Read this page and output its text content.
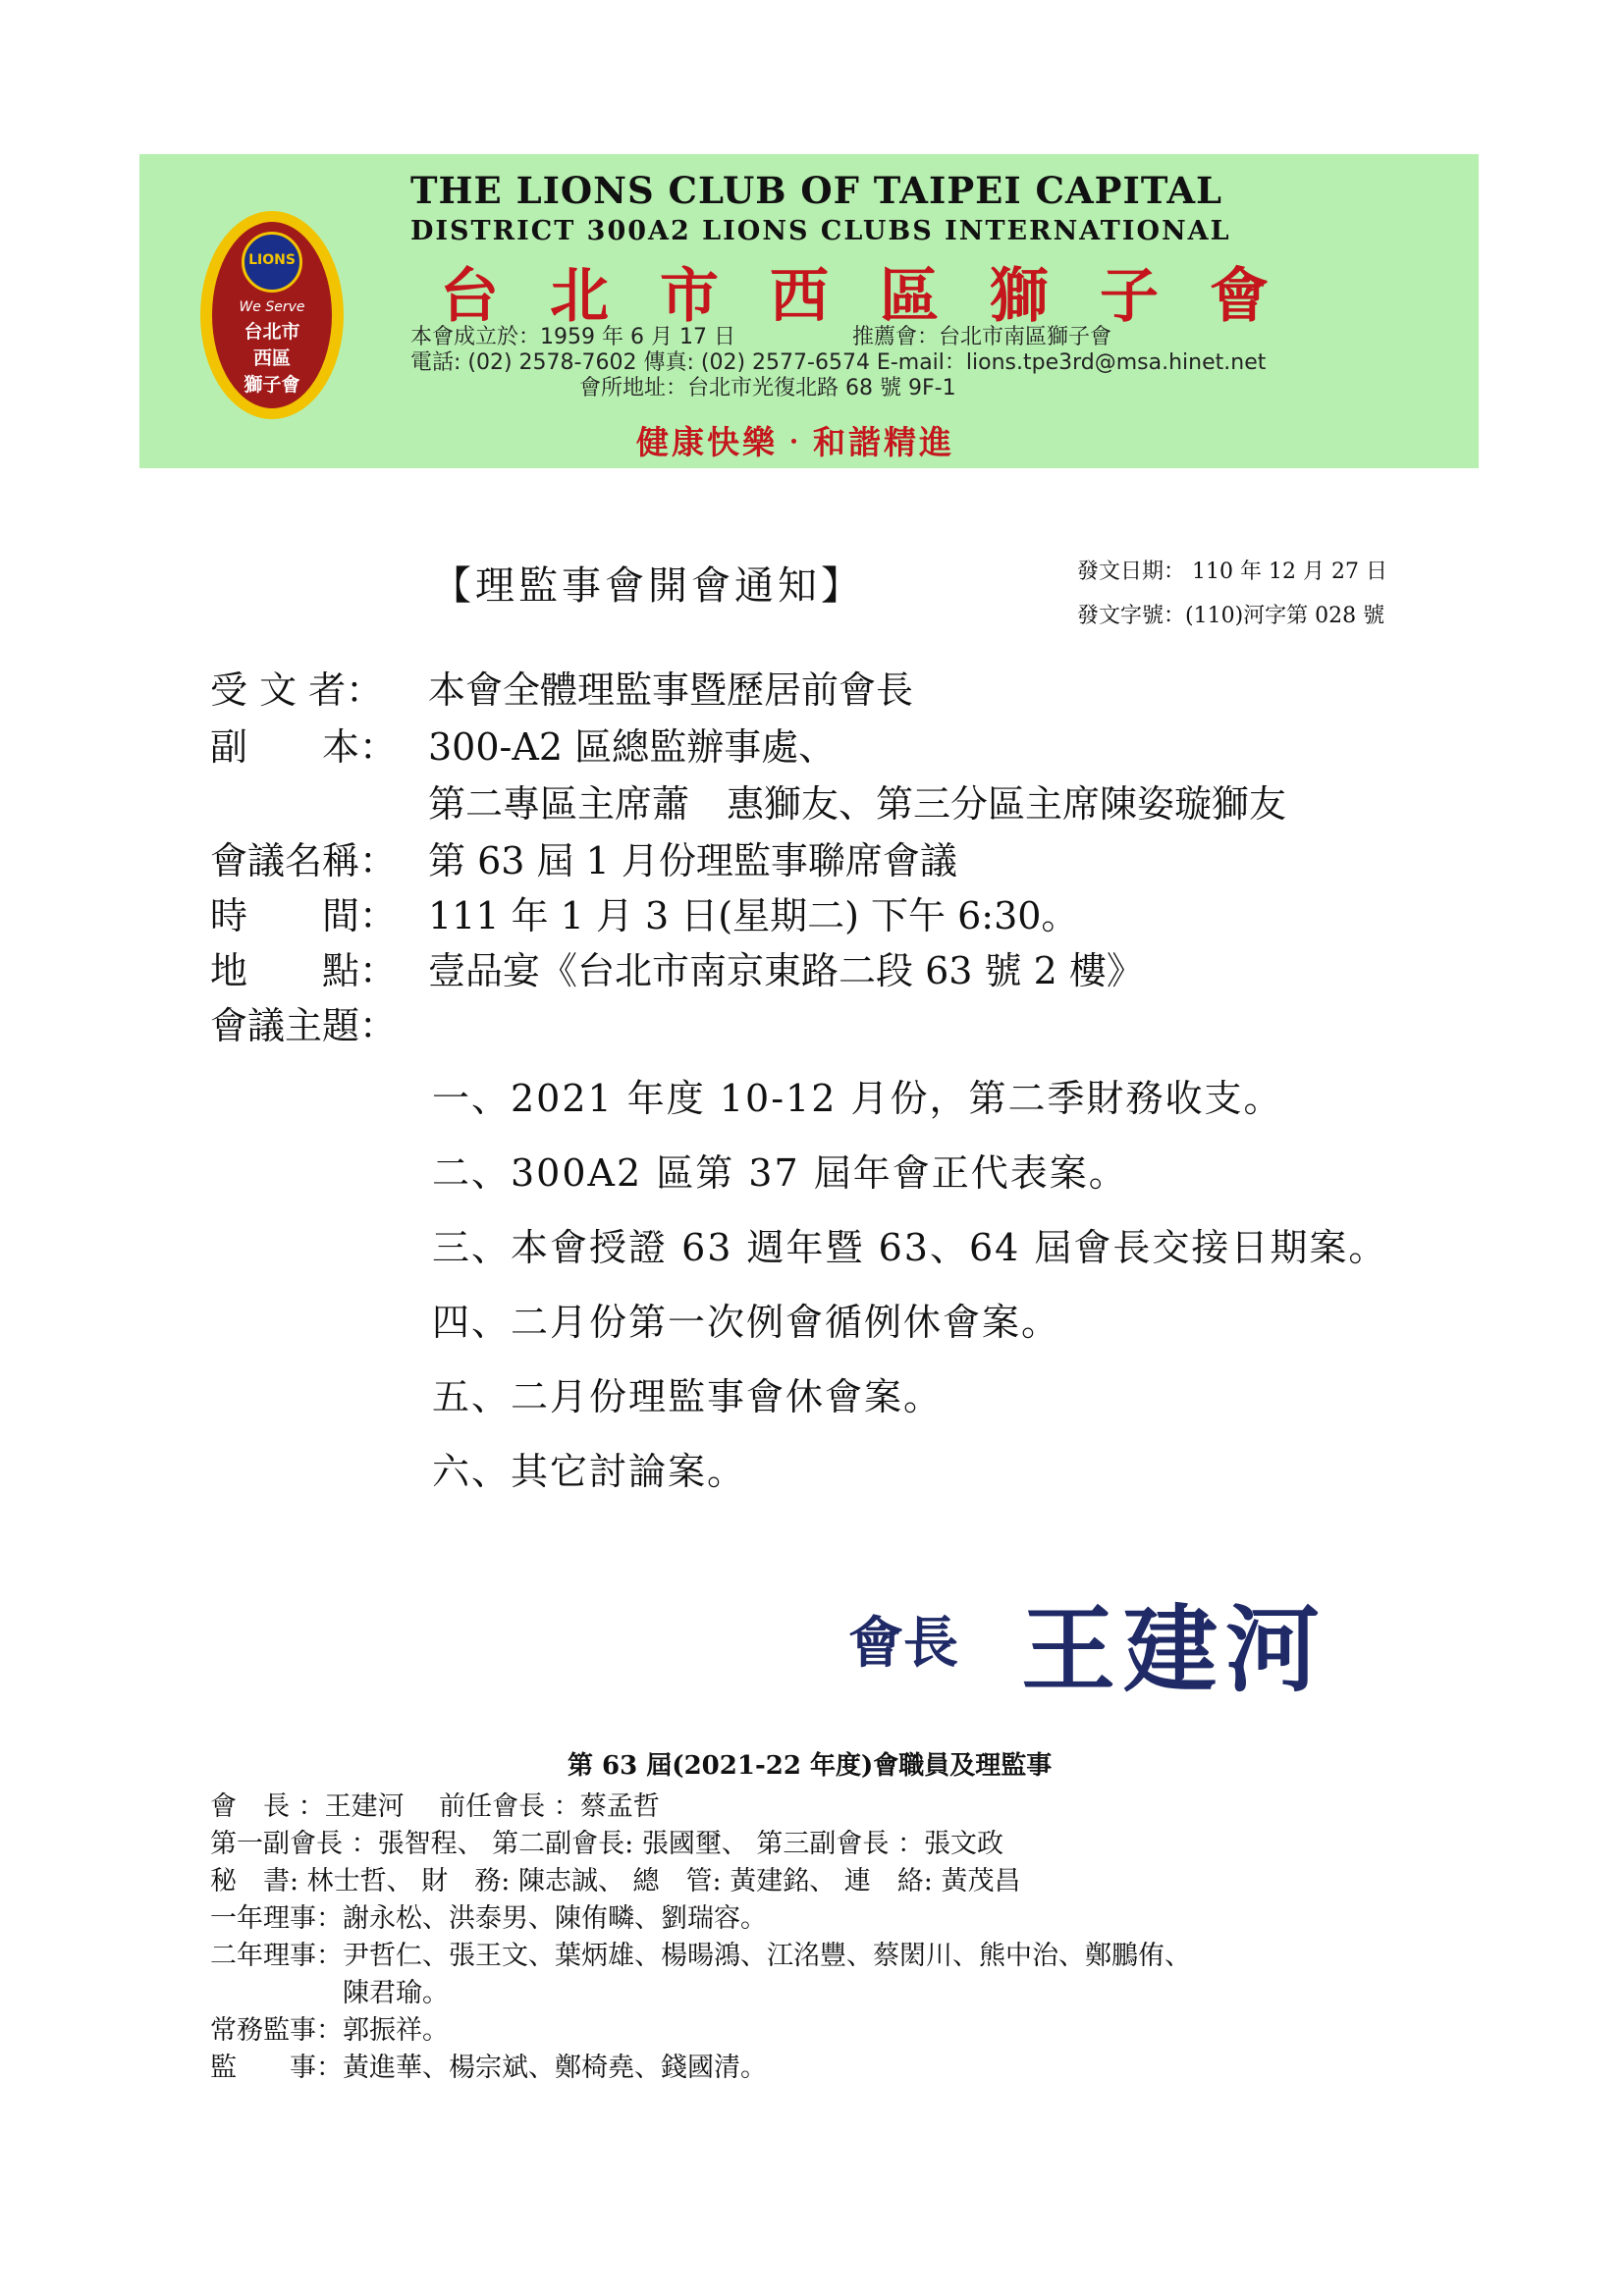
LIONS
We Serve
台北市
西區
獅子會
THE LIONS CLUB OF TAIPEI CAPITAL
DISTRICT 300A2 LIONS CLUBS INTERNATIONAL
台北市西區獅子會
本會成立於：1959 年 6 月 17 日	推薦會：台北市南區獅子會
電話: (02) 2578-7602 傳真: (02) 2577-6574 E-mail：lions.tpe3rd@msa.hinet.net
會所地址：台北市光復北路 68 號 9F-1
健康快樂‧和諧精進
【理監事會開會通知】	發文日期： 110 年 12 月 27 日
發文字號：(110)河字第 028 號
受 文 者： 本會全體理監事暨歷居前會長
副　　本： 300-A2 區總監辦事處、
第二專區主席蕭　惠獅友、第三分區主席陳姿璇獅友
會議名稱： 第 63 屆 1 月份理監事聯席會議
時　　間： 111 年 1 月 3 日(星期二) 下午 6:30。
地　　點： 壹品宴《台北市南京東路二段 63 號 2 樓》
會議主題：
一、2021 年度 10-12 月份，第二季財務收支。
二、300A2 區第 37 屆年會正代表案。
三、本會授證 63 週年暨 63、64 屆會長交接日期案。
四、二月份第一次例會循例休會案。
五、二月份理監事會休會案。
六、其它討論案。
會長 王建河
第 63 屆(2021-22 年度)會職員及理監事
會　長 ：王建河　 前任會長 ：蔡孟哲
第一副會長 ：張智程、 第二副會長: 張國壐、 第三副會長 ：張文政
秘　書: 林士哲、 財　務: 陳志誠、 總　管: 黃建銘、 連　絡: 黃茂昌
一年理事：謝永松、洪泰男、陳侑疄、劉瑞容。
二年理事：尹哲仁、張王文、葉炳雄、楊暘鴻、江洺豐、蔡閎川、熊中治、鄭鵬侑、
　　　　　陳君瑜。
常務監事：郭振祥。
監　　事：黃進華、楊宗斌、鄭椅堯、錢國清。
